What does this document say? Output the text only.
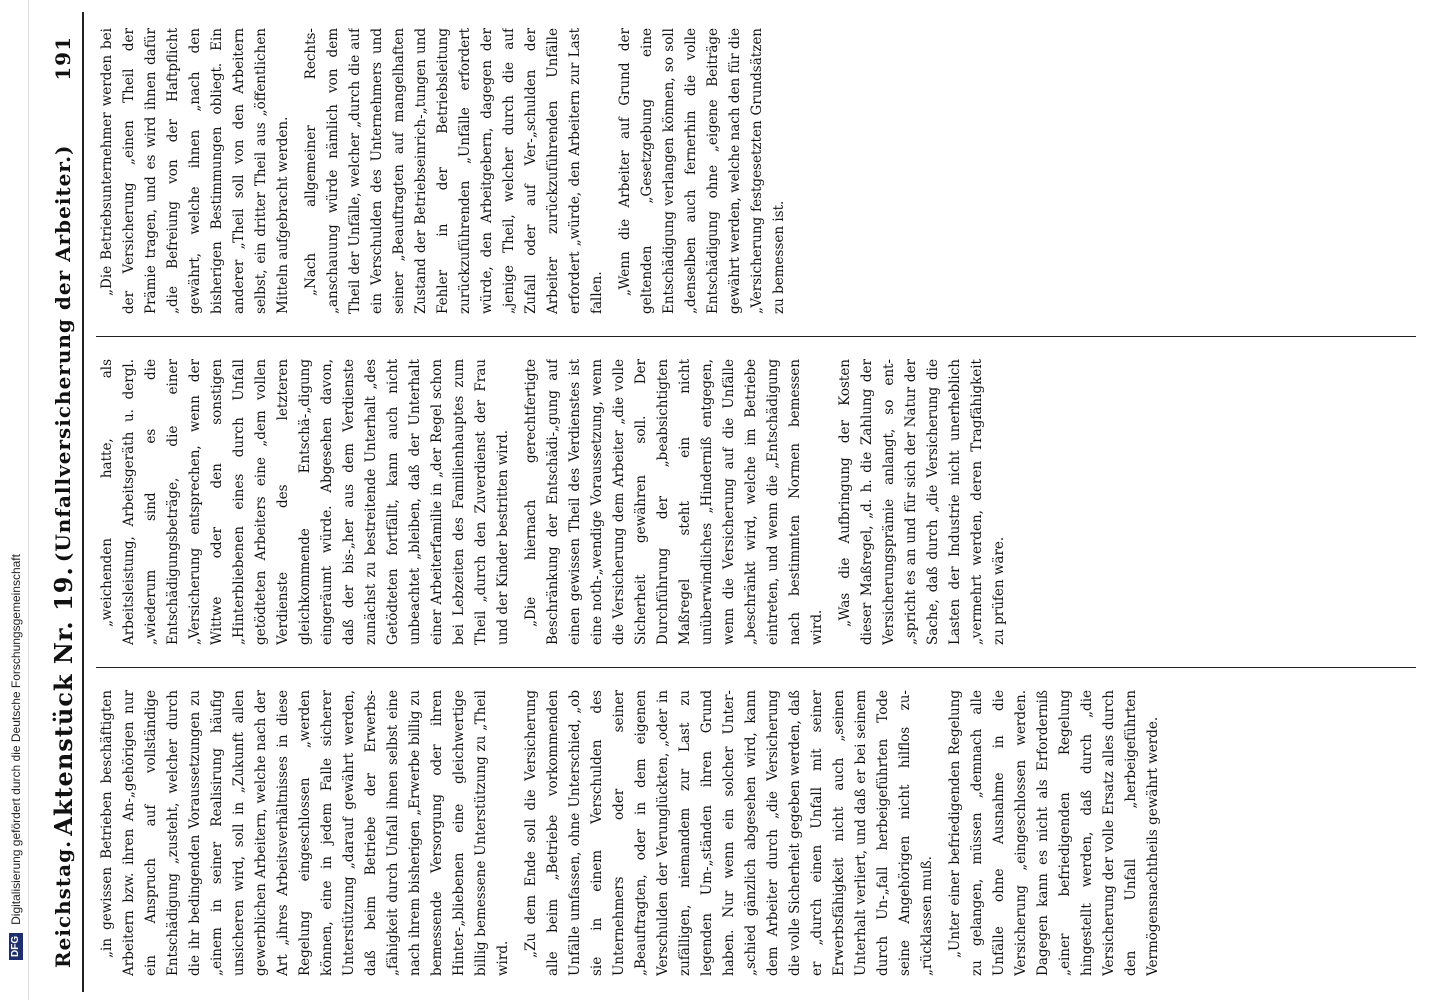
DFG
Digitalisierung gefördert durch die Deutsche Forschungsgemeinschaft Reichstag.
Aktenstück Nr. 19.
(Unfallversicherung der Arbeiter.)        191

„in gewissen Betrieben beschäftigten Arbeitern bzw. ihren An-„gehörigen nur ein Anspruch auf vollständige Entschädigung „zusteht, welcher durch die ihr bedingenden Voraussetzungen zu „einem in seiner Realisirung häufig unsicheren wird, soll in „Zukunft allen gewerblichen Arbeitern, welche nach der Art „ihres Arbeitsverhältnisses in diese Regelung eingeschlossen „werden können, eine in jedem Falle sicherer Unterstützung „darauf gewährt werden, daß beim Betriebe der Erwerbs-„fähigkeit durch Unfall ihnen selbst eine nach ihrem bisherigen „Erwerbe billig zu bemessende Versorgung oder ihren Hinter-„bliebenen eine gleichwertige billig bemessene Unterstützung zu „Theil wird.

„Zu dem Ende soll die Versicherung alle beim „Betriebe vorkommenden Unfälle umfassen, ohne Unterschied, „ob sie in einem Verschulden des Unternehmers oder seiner „Beauftragten, oder in dem eigenen Verschulden der Verunglückten, „oder in zufälligen, niemandem zur Last zu legenden Um-„ständen ihren Grund haben. Nur wenn ein solcher Unter-„schied gänzlich abgesehen wird, kann dem Arbeiter durch „die Versicherung die volle Sicherheit gegeben werden, daß er „durch einen Unfall mit seiner Erwerbsfähigkeit nicht auch „seinen Unterhalt verliert, und daß er bei seinem durch Un-„fall herbeigeführten Tode seine Angehörigen nicht hilflos zu-„rücklassen muß. „Unter einer befriedigenden Regelung zu gelangen, müssen „demnach alle Unfälle ohne Ausnahme in die Versicherung „eingeschlossen werden. Dagegen kann es nicht als Erforderniß „einer befriedigenden Regelung hingestellt werden, daß durch „die Versicherung der volle Ersatz alles durch den Unfall „herbeigeführten Vermögensnachtheils gewährt werde.

„weichenden hatte, als Arbeitsleistung, Arbeitsgeräth u. dergl. „wiederum sind es die Entschädigungsbeträge, die einer „Versicherung entsprechen, wenn der Wittwe oder den sonstigen „Hinterbliebenen eines durch Unfall getödteten Arbeiters eine „dem vollen Verdienste des letzteren gleichkommende Entschä-„digung eingeräumt würde. Abgesehen davon, daß der bis-„her aus dem Verdienste zunächst zu bestreitende Unterhalt „des Getödteten fortfällt, kann auch nicht unbeachtet „bleiben, daß der Unterhalt einer Arbeiterfamilie in „der Regel schon bei Lebzeiten des Familienhauptes zum Theil „durch den Zuverdienst der Frau und der Kinder bestritten wird. „Die hiernach gerechtfertigte Beschränkung der Entschädi-„gung auf einen gewissen Theil des Verdienstes ist eine noth-„wendige Voraussetzung, wenn die Versicherung dem Arbeiter „die volle Sicherheit gewähren soll. Der Durchführung der „beabsichtigten Maßregel steht ein nicht unüberwindliches „Hinderniß entgegen, wenn die Versicherung auf die Unfälle „beschränkt wird, welche im Betriebe eintreten, und wenn die „Entschädigung nach bestimmten Normen bemessen wird.

„Was die Aufbringung der Kosten dieser Maßregel, „d. h. die Zahlung der Versicherungsprämie anlangt, so ent-„spricht es an und für sich der Natur der Sache, daß durch „die Versicherung die Lasten der Industrie nicht unerheblich „vermehrt werden, deren Tragfähigkeit zu prüfen wäre.

„Die Betriebsunternehmer werden bei der Versicherung „einen Theil der Prämie tragen, und es wird ihnen dafür „die Befreiung von der Haftpflicht gewährt, welche ihnen „nach den bisherigen Bestimmungen obliegt. Ein anderer „Theil soll von den Arbeitern selbst, ein dritter Theil aus „öffentlichen Mitteln aufgebracht werden. „Nach allgemeiner Rechts-„anschauung würde nämlich von dem Theil der Unfälle, welcher „durch die auf ein Verschulden des Unternehmers und seiner „Beauftragten auf mangelhaften Zustand der Betriebseinrich-„tungen und Fehler in der Betriebsleitung zurückzuführenden „Unfälle erfordert würde, den Arbeitgebern, dagegen der „jenige Theil, welcher durch die auf Zufall oder auf Ver-„schulden der Arbeiter zurückzuführenden Unfälle erfordert „würde, den Arbeitern zur Last fallen. „Wenn die Arbeiter auf Grund der geltenden „Gesetzgebung eine Entschädigung verlangen können, so soll „denselben auch fernerhin die volle Entschädigung ohne „eigene Beiträge gewährt werden, welche nach den für die „Versicherung festgesetzten Grundsätzen zu bemessen ist.
